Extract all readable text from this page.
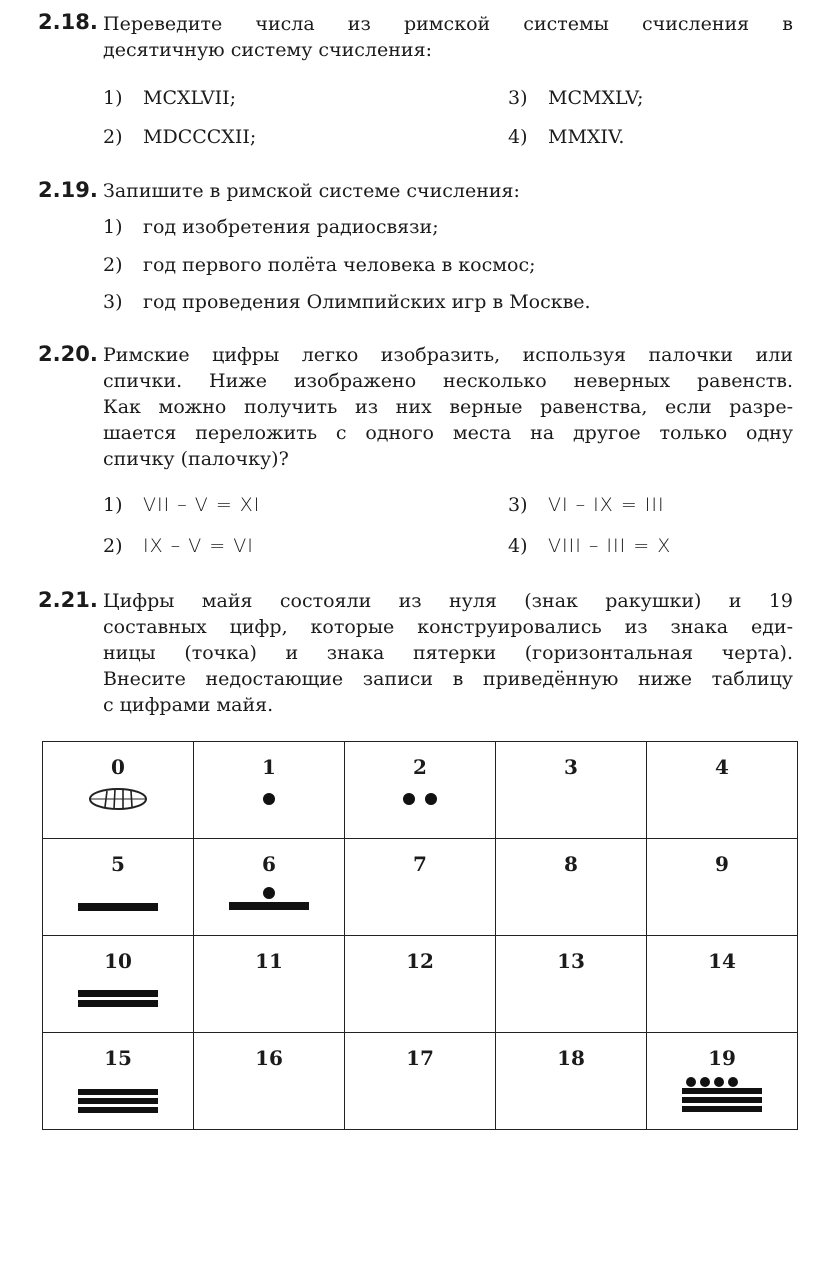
2.18. Переведите числа из римской системы счисления в
десятичную систему счисления:
1) MCXLVII;
2) MDCCCXII;
3) MCMXLV;
4) MMXIV.
2.19. Запишите в римской системе счисления:
1) год изобретения радиосвязи;
2) год первого полёта человека в космос;
3) год проведения Олимпийских игр в Москве.
2.20. Римские цифры легко изобразить, используя палочки или
спички. Ниже изображено несколько неверных равенств.
Как можно получить из них верные равенства, если разре-
шается переложить с одного места на другое только одну
спичку (палочку)?
1) VII – V = XI
2) IX – V = VI
3) VI – IX = III
4) VIII – III = X
2.21. Цифры майя состояли из нуля (знак ракушки) и 19
составных цифр, которые конструировались из знака еди-
ницы (точка) и знака пятерки (горизонтальная черта).
Внесите недостающие записи в приведённую ниже таблицу
с цифрами майя.
0	1	2	3	4

5	6	7	8	9

10	11	12	13	14

15	16	17	18	19
